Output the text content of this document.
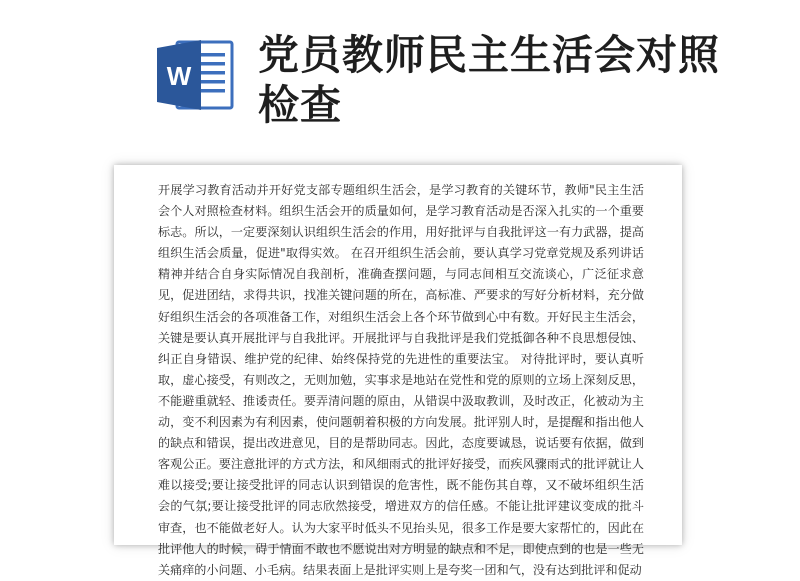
W 党员教师民主生活会对照检查

开展学习教育活动并开好党支部专题组织生活会，是学习教育的关键环节，教师"民主生活会个人对照检查材料。组织生活会开的质量如何，是学习教育活动是否深入扎实的一个重要标志。所以，一定要深刻认识组织生活会的作用，用好批评与自我批评这一有力武器，提高组织生活会质量，促进"取得实效。 在召开组织生活会前，要认真学习党章党规及系列讲话精神并结合自身实际情况自我剖析，准确查摆问题，与同志间相互交流谈心，广泛征求意见，促进团结，求得共识，找准关键问题的所在，高标准、严要求的写好分析材料，充分做好组织生活会的各项准备工作，对组织生活会上各个环节做到心中有数。开好民主生活会，关键是要认真开展批评与自我批评。开展批评与自我批评是我们党抵御各种不良思想侵蚀、纠正自身错误、维护党的纪律、始终保持党的先进性的重要法宝。 对待批评时，要认真听取，虚心接受，有则改之，无则加勉，实事求是地站在党性和党的原则的立场上深刻反思，不能避重就轻、推诿责任。要弄清问题的原由，从错误中汲取教训，及时改正，化被动为主动，变不利因素为有利因素，使问题朝着积极的方向发展。批评别人时，是提醒和指出他人的缺点和错误，提出改进意见，目的是帮助同志。因此，态度要诚恳，说话要有依据，做到客观公正。要注意批评的方式方法，和风细雨式的批评好接受，而疾风骤雨式的批评就让人难以接受;要让接受批评的同志认识到错误的危害性，既不能伤其自尊，又不破坏组织生活会的气氛;要让接受批评的同志欣然接受，增进双方的信任感。不能让批评建议变成的批斗审查，也不能做老好人。认为大家平时低头不见抬头见，很多工作是要大家帮忙的，因此在批评他人的时候，碍于情面不敢也不愿说出对方明显的缺点和不足，即使点到的也是一些无关痛痒的小问题、小毛病。结果表面上是批评实则上是夸奖一团和气，没有达到批评和促动
